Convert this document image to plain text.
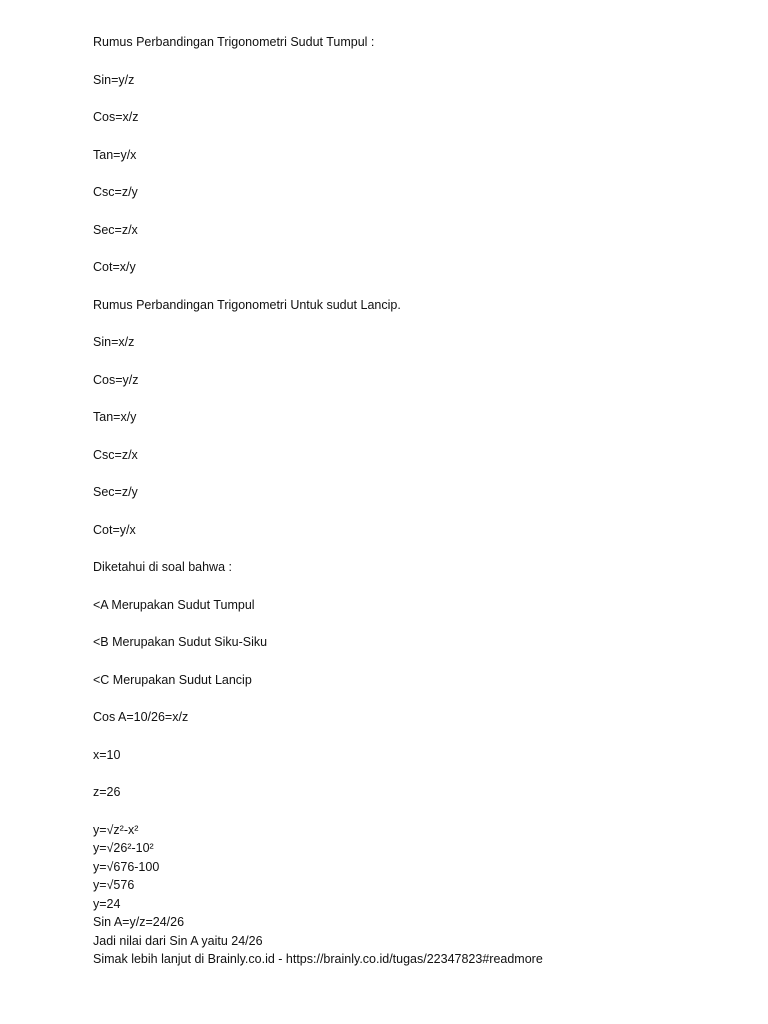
Rumus Perbandingan Trigonometri Sudut Tumpul :

Sin=y/z

Cos=x/z

Tan=y/x

Csc=z/y

Sec=z/x

Cot=x/y

Rumus Perbandingan Trigonometri Untuk sudut Lancip.

Sin=x/z

Cos=y/z

Tan=x/y

Csc=z/x

Sec=z/y

Cot=y/x

Diketahui di soal bahwa :

<A Merupakan Sudut Tumpul

<B Merupakan Sudut Siku-Siku

<C Merupakan Sudut Lancip

Cos A=10/26=x/z

x=10

z=26

y=√z²-x²

y=√26²-10²

y=√676-100

y=√576

y=24

Sin A=y/z=24/26

Jadi nilai dari Sin A yaitu 24/26

Simak lebih lanjut di Brainly.co.id - https://brainly.co.id/tugas/22347823#readmore
